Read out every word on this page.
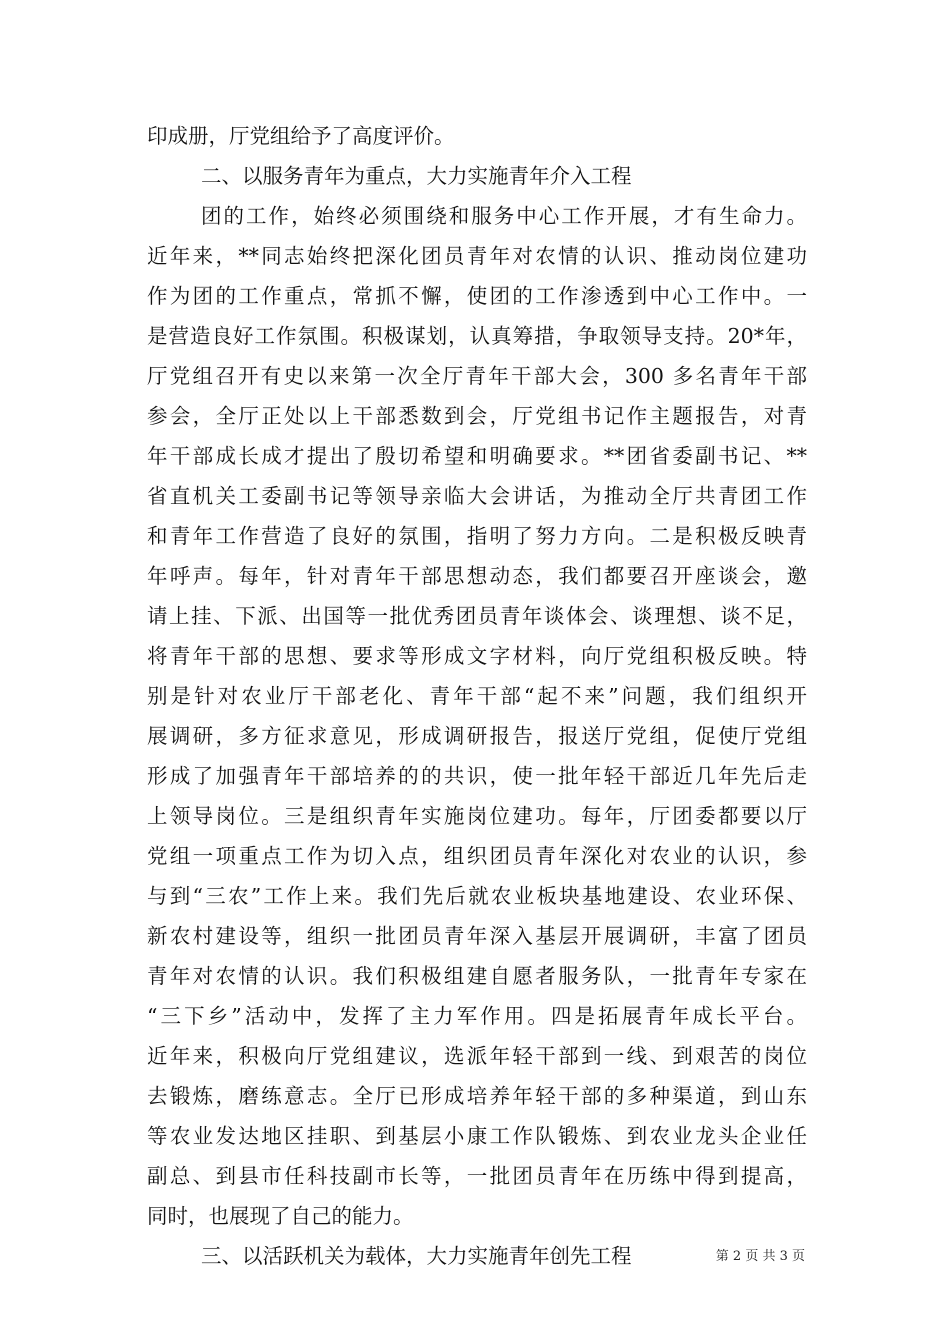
印成册，厅党组给予了高度评价。
二、以服务青年为重点，大力实施青年介入工程
团的工作，始终必须围绕和服务中心工作开展，才有生命力。
近年来，**同志始终把深化团员青年对农情的认识、推动岗位建功
作为团的工作重点，常抓不懈，使团的工作渗透到中心工作中。一
是营造良好工作氛围。积极谋划，认真筹措，争取领导支持。20*年，
厅党组召开有史以来第一次全厅青年干部大会，300 多名青年干部
参会，全厅正处以上干部悉数到会，厅党组书记作主题报告，对青
年干部成长成才提出了殷切希望和明确要求。**团省委副书记、**
省直机关工委副书记等领导亲临大会讲话，为推动全厅共青团工作
和青年工作营造了良好的氛围，指明了努力方向。二是积极反映青
年呼声。每年，针对青年干部思想动态，我们都要召开座谈会，邀
请上挂、下派、出国等一批优秀团员青年谈体会、谈理想、谈不足，
将青年干部的思想、要求等形成文字材料，向厅党组积极反映。特
别是针对农业厅干部老化、青年干部“起不来”问题，我们组织开
展调研，多方征求意见，形成调研报告，报送厅党组，促使厅党组
形成了加强青年干部培养的的共识，使一批年轻干部近几年先后走
上领导岗位。三是组织青年实施岗位建功。每年，厅团委都要以厅
党组一项重点工作为切入点，组织团员青年深化对农业的认识，参
与到“三农”工作上来。我们先后就农业板块基地建设、农业环保、
新农村建设等，组织一批团员青年深入基层开展调研，丰富了团员
青年对农情的认识。我们积极组建自愿者服务队，一批青年专家在
“三下乡”活动中，发挥了主力军作用。四是拓展青年成长平台。
近年来，积极向厅党组建议，选派年轻干部到一线、到艰苦的岗位
去锻炼，磨练意志。全厅已形成培养年轻干部的多种渠道，到山东
等农业发达地区挂职、到基层小康工作队锻炼、到农业龙头企业任
副总、到县市任科技副市长等，一批团员青年在历练中得到提高，
同时，也展现了自己的能力。
三、以活跃机关为载体，大力实施青年创先工程	第 2 页 共 3 页
